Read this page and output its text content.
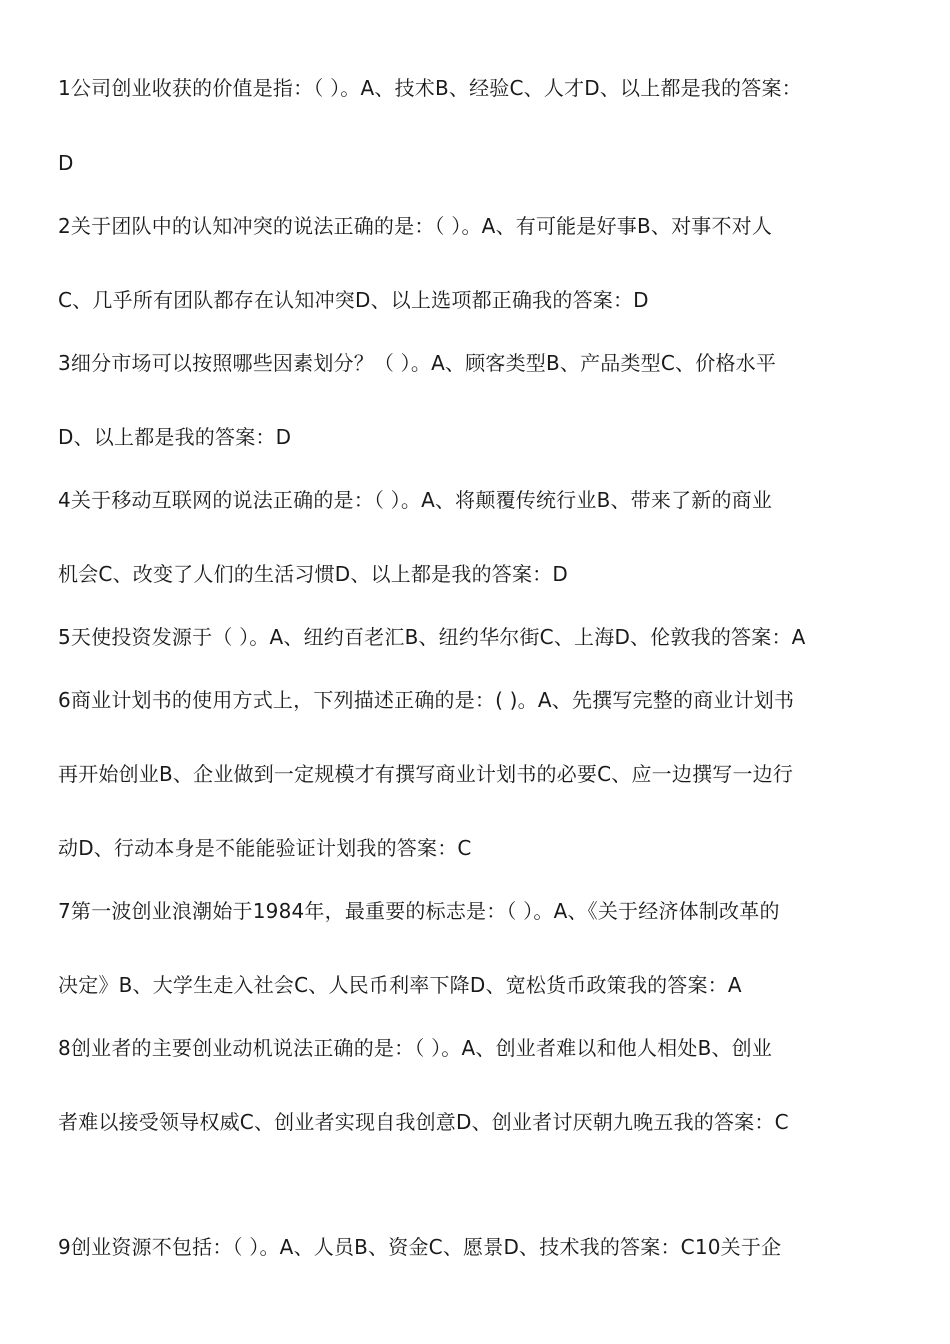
1公司创业收获的价值是指：（ ）。A、技术B、经验C、人才D、以上都是我的答案：
D
2关于团队中的认知冲突的说法正确的是：（ ）。A、有可能是好事B、对事不对人
C、几乎所有团队都存在认知冲突D、以上选项都正确我的答案：D
3细分市场可以按照哪些因素划分？（ ）。A、顾客类型B、产品类型C、价格水平
D、以上都是我的答案：D
4关于移动互联网的说法正确的是：（ ）。A、将颠覆传统行业B、带来了新的商业
机会C、改变了人们的生活习惯D、以上都是我的答案：D
5天使投资发源于（ ）。A、纽约百老汇B、纽约华尔街C、上海D、伦敦我的答案：A
6商业计划书的使用方式上，下列描述正确的是：( )。A、先撰写完整的商业计划书
再开始创业B、企业做到一定规模才有撰写商业计划书的必要C、应一边撰写一边行
动D、行动本身是不能能验证计划我的答案：C
7第一波创业浪潮始于1984年，最重要的标志是：（ ）。A、《关于经济体制改革的
决定》B、大学生走入社会C、人民币利率下降D、宽松货币政策我的答案：A
8创业者的主要创业动机说法正确的是：（ ）。A、创业者难以和他人相处B、创业
者难以接受领导权威C、创业者实现自我创意D、创业者讨厌朝九晚五我的答案：C
9创业资源不包括：（ ）。A、人员B、资金C、愿景D、技术我的答案：C10关于企
